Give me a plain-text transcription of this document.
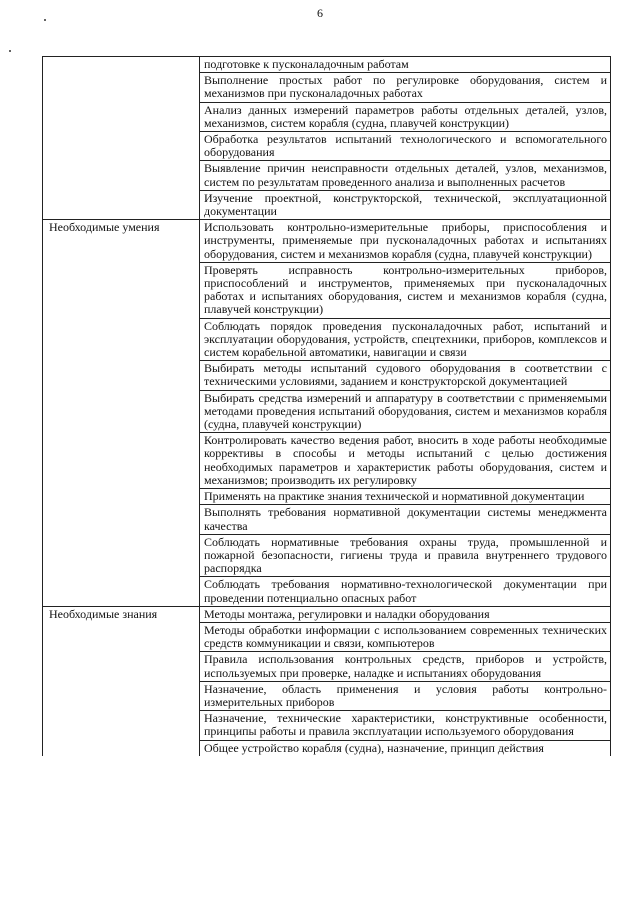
6
	подготовке к пусконаладочным работам
	Выполнение простых работ по регулировке оборудования, систем и механизмов при пусконаладочных работах
	Анализ данных измерений параметров работы отдельных деталей, узлов, механизмов, систем корабля (судна, плавучей конструкции)
	Обработка результатов испытаний технологического и вспомогательного оборудования
	Выявление причин неисправности отдельных деталей, узлов, механизмов, систем по результатам проведенного анализа и выполненных расчетов
	Изучение проектной, конструкторской, технической, эксплуатационной документации
Необходимые умения	Использовать контрольно-измерительные приборы, приспособления и инструменты, применяемые при пусконаладочных работах и испытаниях оборудования, систем и механизмов корабля (судна, плавучей конструкции)
	Проверять исправность контрольно-измерительных приборов, приспособлений и инструментов, применяемых при пусконаладочных работах и испытаниях оборудования, систем и механизмов корабля (судна, плавучей конструкции)
	Соблюдать порядок проведения пусконаладочных работ, испытаний и эксплуатации оборудования, устройств, спецтехники, приборов, комплексов и систем корабельной автоматики, навигации и связи
	Выбирать методы испытаний судового оборудования в соответствии с техническими условиями, заданием и конструкторской документацией
	Выбирать средства измерений и аппаратуру в соответствии с применяемыми методами проведения испытаний оборудования, систем и механизмов корабля (судна, плавучей конструкции)
	Контролировать качество ведения работ, вносить в ходе работы необходимые коррективы в способы и методы испытаний с целью достижения необходимых параметров и характеристик работы оборудования, систем и механизмов; производить их регулировку
	Применять на практике знания технической и нормативной документации
	Выполнять требования нормативной документации системы менеджмента качества
	Соблюдать нормативные требования охраны труда, промышленной и пожарной безопасности, гигиены труда и правила внутреннего трудового распорядка
	Соблюдать требования нормативно-технологической документации при проведении потенциально опасных работ
Необходимые знания	Методы монтажа, регулировки и наладки оборудования
	Методы обработки информации с использованием современных технических средств коммуникации и связи, компьютеров
	Правила использования контрольных средств, приборов и устройств, используемых при проверке, наладке и испытаниях оборудования
	Назначение, область применения и условия работы контрольно-измерительных приборов
	Назначение, технические характеристики, конструктивные особенности, принципы работы и правила эксплуатации используемого оборудования
	Общее устройство корабля (судна), назначение, принцип действия
